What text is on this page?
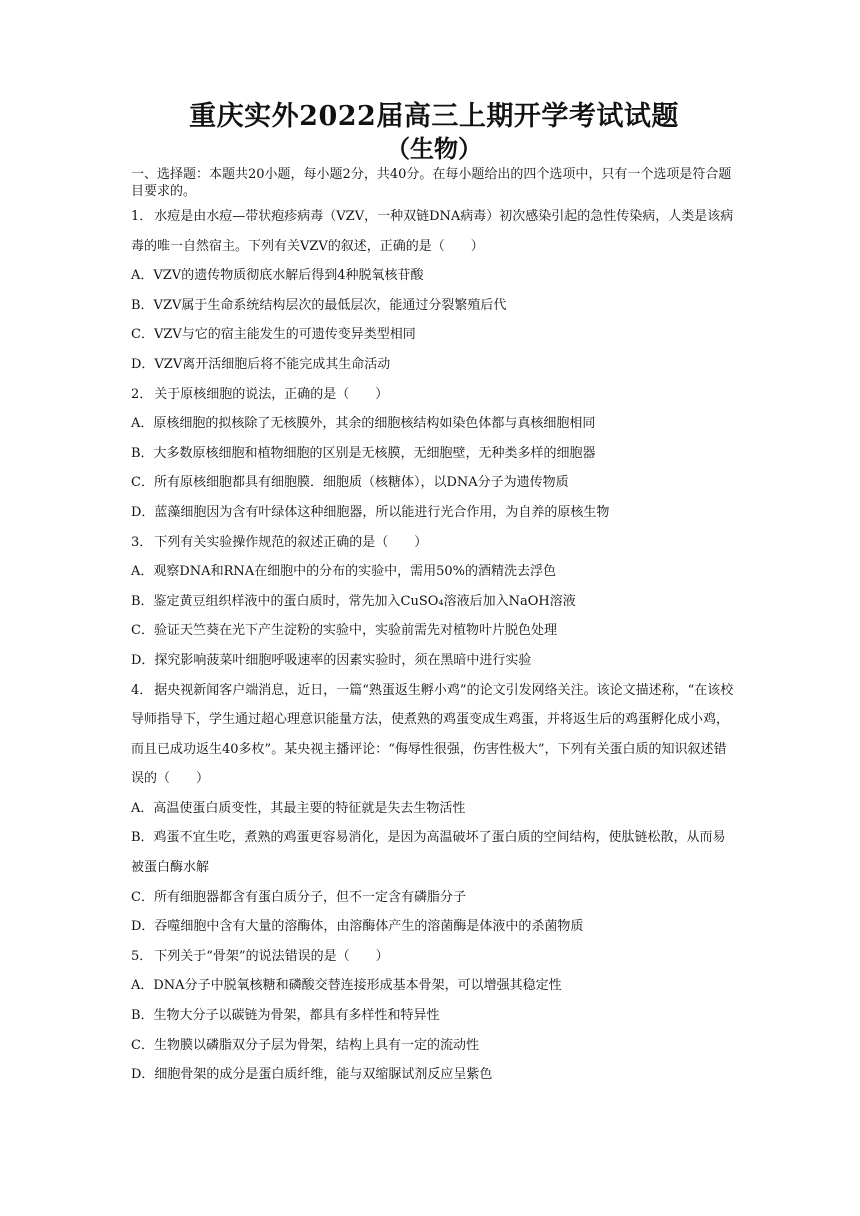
重庆实外2022届高三上期开学考试试题
（生物）

一、选择题：本题共20小题，每小题2分，共40分。在每小题给出的四个选项中，只有一个选项是符合题目要求的。

1． 水痘是由水痘—带状疱疹病毒（VZV，一种双链DNA病毒）初次感染引起的急性传染病，人类是该病毒的唯一自然宿主。下列有关VZV的叙述，正确的是（　　）

A．VZV的遗传物质彻底水解后得到4种脱氧核苷酸

B．VZV属于生命系统结构层次的最低层次，能通过分裂繁殖后代

C．VZV与它的宿主能发生的可遗传变异类型相同

D．VZV离开活细胞后将不能完成其生命活动

2． 关于原核细胞的说法，正确的是（　　）

A．原核细胞的拟核除了无核膜外，其余的细胞核结构如染色体都与真核细胞相同

B．大多数原核细胞和植物细胞的区别是无核膜，无细胞壁，无种类多样的细胞器

C．所有原核细胞都具有细胞膜．细胞质（核糖体），以DNA分子为遗传物质

D．蓝藻细胞因为含有叶绿体这种细胞器，所以能进行光合作用，为自养的原核生物

3． 下列有关实验操作规范的叙述正确的是（　　）

A．观察DNA和RNA在细胞中的分布的实验中，需用50%的酒精洗去浮色

B．鉴定黄豆组织样液中的蛋白质时，常先加入CuSO₄溶液后加入NaOH溶液

C．验证天竺葵在光下产生淀粉的实验中，实验前需先对植物叶片脱色处理

D．探究影响菠菜叶细胞呼吸速率的因素实验时，须在黑暗中进行实验

4． 据央视新闻客户端消息，近日，一篇“熟蛋返生孵小鸡”的论文引发网络关注。该论文描述称，“在该校导师指导下，学生通过超心理意识能量方法，使煮熟的鸡蛋变成生鸡蛋，并将返生后的鸡蛋孵化成小鸡，而且已成功返生40多枚”。某央视主播评论：“侮辱性很强，伤害性极大”，下列有关蛋白质的知识叙述错误的（　　）

A．高温使蛋白质变性，其最主要的特征就是失去生物活性

B．鸡蛋不宜生吃，煮熟的鸡蛋更容易消化，是因为高温破坏了蛋白质的空间结构，使肽链松散，从而易被蛋白酶水解

C．所有细胞器都含有蛋白质分子，但不一定含有磷脂分子

D．吞噬细胞中含有大量的溶酶体，由溶酶体产生的溶菌酶是体液中的杀菌物质

5． 下列关于“骨架”的说法错误的是（　　）

A．DNA分子中脱氧核糖和磷酸交替连接形成基本骨架，可以增强其稳定性

B．生物大分子以碳链为骨架，都具有多样性和特异性

C．生物膜以磷脂双分子层为骨架，结构上具有一定的流动性

D．细胞骨架的成分是蛋白质纤维，能与双缩脲试剂反应呈紫色
